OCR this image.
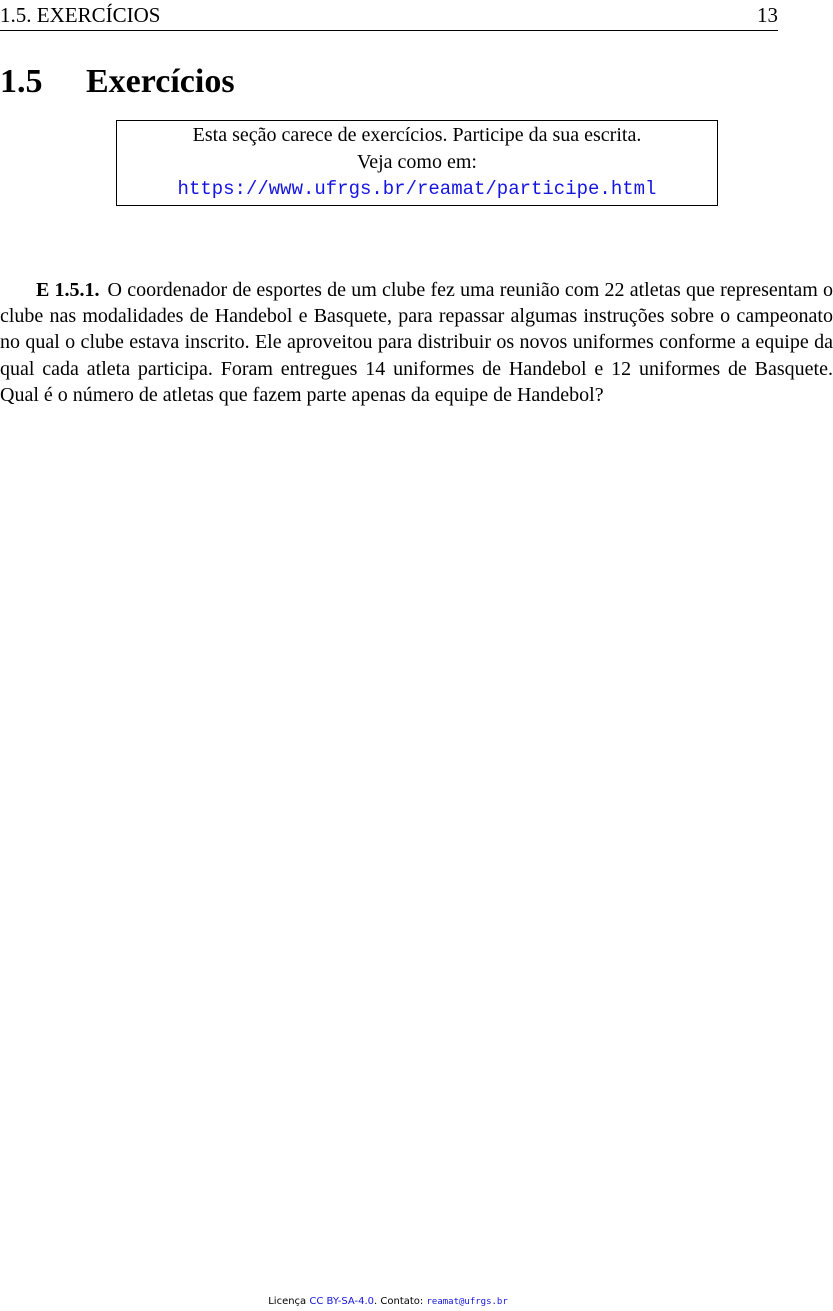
1.5. EXERCÍCIOS	13
1.5 Exercícios
Esta seção carece de exercícios. Participe da sua escrita.
Veja como em:
https://www.ufrgs.br/reamat/participe.html

E 1.5.1. O coordenador de esportes de um clube fez uma reunião com 22 atletas que representam o clube nas modalidades de Handebol e Basquete, para repassar algumas instruções sobre o campeonato no qual o clube estava inscrito. Ele aproveitou para distribuir os novos uniformes conforme a equipe da qual cada atleta participa. Foram entregues 14 uniformes de Handebol e 12 uniformes de Basquete. Qual é o número de atletas que fazem parte apenas da equipe de Handebol?

Licença CC BY-SA-4.0. Contato: reamat@ufrgs.br
